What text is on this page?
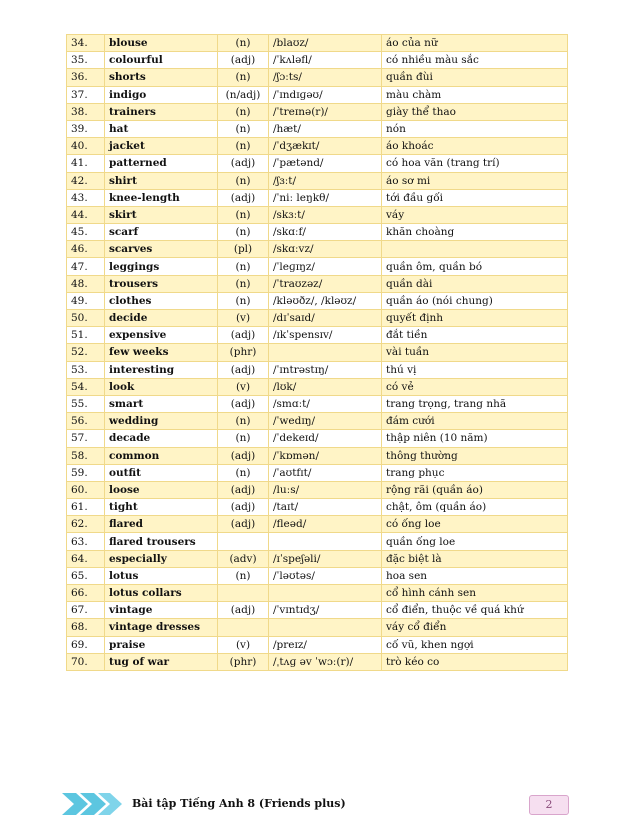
34.	blouse	(n)	/blaʊz/	áo của nữ
35.	colourful	(adj)	/ˈkʌləfl/	có nhiều màu sắc
36.	shorts	(n)	/ʃɔːts/	quần đùi
37.	indigo	(n/adj)	/ˈɪndɪɡəʊ/	màu chàm
38.	trainers	(n)	/ˈtreɪnə(r)/	giày thể thao
39.	hat	(n)	/hæt/	nón
40.	jacket	(n)	/ˈdʒækɪt/	áo khoác
41.	patterned	(adj)	/ˈpætənd/	có hoa văn (trang trí)
42.	shirt	(n)	/ʃɜːt/	áo sơ mi
43.	knee-length	(adj)	/ˈniː leŋkθ/	tới đầu gối
44.	skirt	(n)	/skɜːt/	váy
45.	scarf	(n)	/skɑːf/	khăn choàng
46.	scarves	(pl)	/skɑːvz/	
47.	leggings	(n)	/ˈleɡɪŋz/	quần ôm, quần bó
48.	trousers	(n)	/ˈtraʊzəz/	quần dài
49.	clothes	(n)	/kləʊðz/, /kləʊz/	quần áo (nói chung)
50.	decide	(v)	/dɪˈsaɪd/	quyết định
51.	expensive	(adj)	/ɪkˈspensɪv/	đắt tiền
52.	few weeks	(phr)		vài tuần
53.	interesting	(adj)	/ˈɪntrəstɪŋ/	thú vị
54.	look	(v)	/lʊk/	có vẻ
55.	smart	(adj)	/smɑːt/	trang trọng, trang nhã
56.	wedding	(n)	/ˈwedɪŋ/	đám cưới
57.	decade	(n)	/ˈdekeɪd/	thập niên (10 năm)
58.	common	(adj)	/ˈkɒmən/	thông thường
59.	outfit	(n)	/ˈaʊtfɪt/	trang phục
60.	loose	(adj)	/luːs/	rộng rãi (quần áo)
61.	tight	(adj)	/taɪt/	chật, ôm (quần áo)
62.	flared	(adj)	/fleəd/	có ống loe
63.	flared trousers			quần ống loe
64.	especially	(adv)	/ɪˈspeʃəli/	đặc biệt là
65.	lotus	(n)	/ˈləʊtəs/	hoa sen
66.	lotus collars			cổ hình cánh sen
67.	vintage	(adj)	/ˈvɪntɪdʒ/	cổ điển, thuộc về quá khứ
68.	vintage dresses			váy cổ điển
69.	praise	(v)	/preɪz/	cố vũ, khen ngợi
70.	tug of war	(phr)	/ˌtʌɡ əv ˈwɔː(r)/	trò kéo co
Bài tập Tiếng Anh 8 (Friends plus)	2
